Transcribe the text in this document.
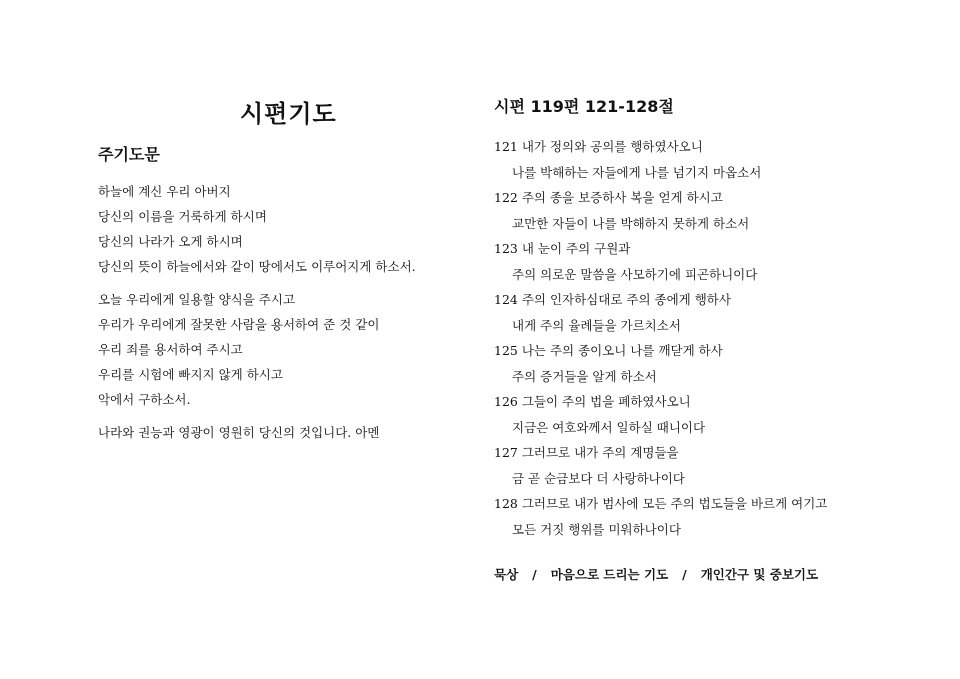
시편기도
주기도문
하늘에 계신 우리 아버지
당신의 이름을 거룩하게 하시며
당신의 나라가 오게 하시며
당신의 뜻이 하늘에서와 같이 땅에서도 이루어지게 하소서.
오늘 우리에게 일용할 양식을 주시고
우리가 우리에게 잘못한 사람을 용서하여 준 것 같이
우리 죄를 용서하여 주시고
우리를 시험에 빠지지 않게 하시고
악에서 구하소서.
나라와 권능과 영광이 영원히 당신의 것입니다. 아멘
시편 119편 121-128절
121 내가 정의와 공의를 행하였사오니
나를 박해하는 자들에게 나를 넘기지 마옵소서
122 주의 종을 보증하사 복을 얻게 하시고
교만한 자들이 나를 박해하지 못하게 하소서
123 내 눈이 주의 구원과
주의 의로운 말씀을 사모하기에 피곤하니이다
124 주의 인자하심대로 주의 종에게 행하사
내게 주의 율례들을 가르치소서
125 나는 주의 종이오니 나를 깨닫게 하사
주의 증거들을 알게 하소서
126 그들이 주의 법을 폐하였사오니
지금은 여호와께서 일하실 때니이다
127 그러므로 내가 주의 계명들을
금 곧 순금보다 더 사랑하나이다
128 그러므로 내가 범사에 모든 주의 법도들을 바르게 여기고
모든 거짓 행위를 미워하나이다
묵상 / 마음으로 드리는 기도 / 개인간구 및 중보기도
